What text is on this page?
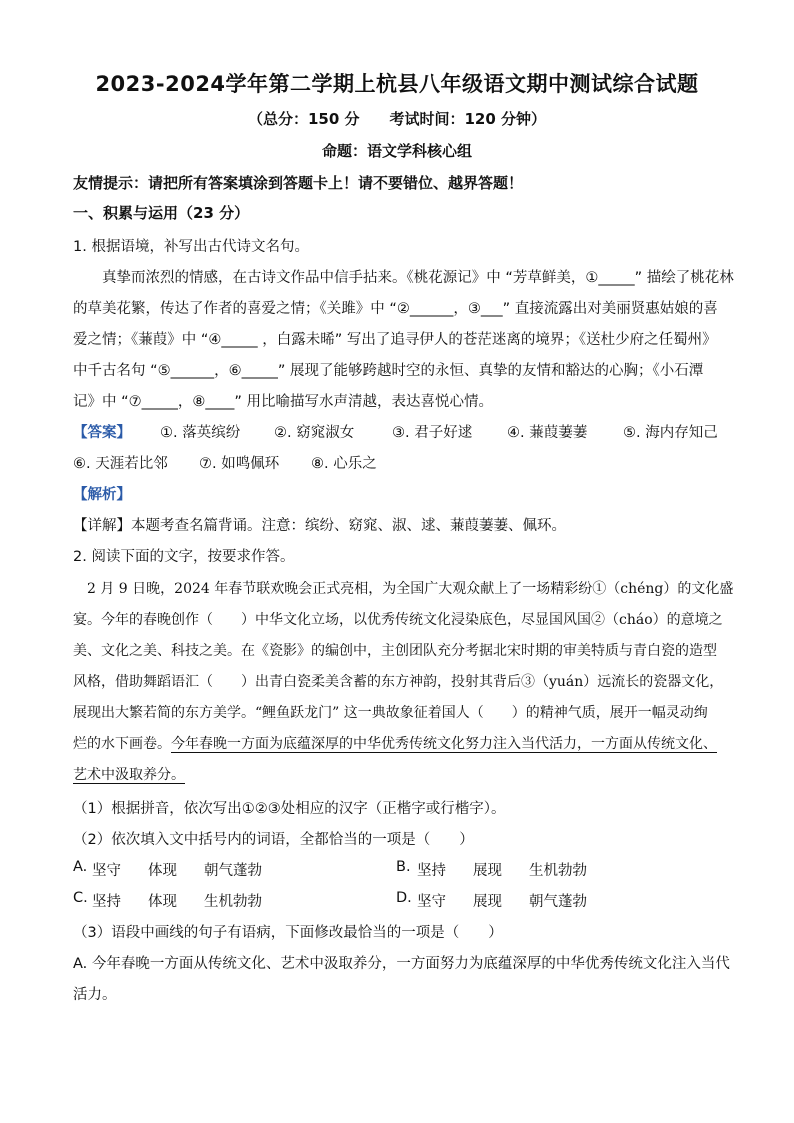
2023-2024学年第二学期上杭县八年级语文期中测试综合试题
（总分：150 分　　考试时间：120 分钟）
命题：语文学科核心组
友情提示：请把所有答案填涂到答题卡上！请不要错位、越界答题！
一、积累与运用（23 分）
1. 根据语境，补写出古代诗文名句。
　　真挚而浓烈的情感，在古诗文作品中信手拈来。《桃花源记》中 “芳草鲜美，①_____” 描绘了桃花林
的草美花繁，传达了作者的喜爱之情；《关雎》中 “②______，③___” 直接流露出对美丽贤惠姑娘的喜
爱之情；《蒹葭》中 “④_____ ，白露未晞” 写出了追寻伊人的苍茫迷离的境界；《送杜少府之任蜀州》
中千古名句 “⑤______，⑥_____” 展现了能够跨越时空的永恒、真挚的友情和豁达的心胸；《小石潭
记》中 “⑦_____，⑧____” 用比喻描写水声清越，表达喜悦心情。
【答案】 ①. 落英缤纷 ②. 窈窕淑女	③. 君子好逑 ④. 蒹葭萋萋 ⑤. 海内存知己
⑥. 天涯若比邻 ⑦. 如鸣佩环 ⑧. 心乐之
【解析】
【详解】本题考查名篇背诵。注意：缤纷、窈窕、淑、逑、蒹葭萋萋、佩环。
2. 阅读下面的文字，按要求作答。
　2 月 9 日晚，2024 年春节联欢晚会正式亮相，为全国广大观众献上了一场精彩纷①（chéng）的文化盛
宴。今年的春晚创作（　　）中华文化立场，以优秀传统文化浸染底色，尽显国风国②（cháo）的意境之
美、文化之美、科技之美。在《瓷影》的编创中，主创团队充分考据北宋时期的审美特质与青白瓷的造型
风格，借助舞蹈语汇（　　）出青白瓷柔美含蓄的东方神韵，投射其背后③（yuán）远流长的瓷器文化，
展现出大繁若简的东方美学。“鲤鱼跃龙门” 这一典故象征着国人（　　）的精神气质，展开一幅灵动绚
烂的水下画卷。今年春晚一方面为底蕴深厚的中华优秀传统文化努力注入当代活力，一方面从传统文化、
艺术中汲取养分。
（1）根据拼音，依次写出①②③处相应的汉字（正楷字或行楷字）。
（2）依次填入文中括号内的词语，全都恰当的一项是（　　）
A. 坚守 体现 朝气蓬勃	B. 坚持 展现 生机勃勃
C. 坚持 体现 生机勃勃	D. 坚守 展现 朝气蓬勃
（3）语段中画线的句子有语病，下面修改最恰当的一项是（　　）
A. 今年春晚一方面从传统文化、艺术中汲取养分，一方面努力为底蕴深厚的中华优秀传统文化注入当代
活力。
